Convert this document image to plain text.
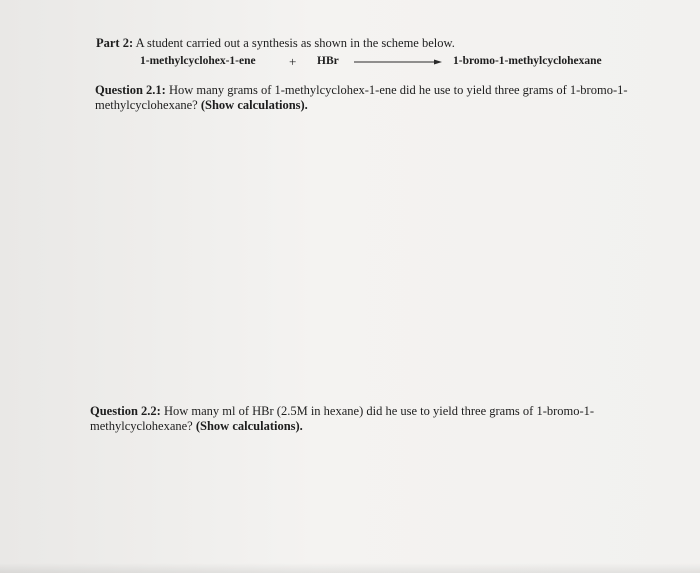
Part 2: A student carried out a synthesis as shown in the scheme below.
1-methylcyclohex-1-ene	+ HBr	1-bromo-1-methylcyclohexane
Question 2.1: How many grams of 1-methylcyclohex-1-ene did he use to yield three grams of 1-bromo-1-
methylcyclohexane? (Show calculations).
Question 2.2: How many ml of HBr (2.5M in hexane) did he use to yield three grams of 1-bromo-1-
methylcyclohexane? (Show calculations).
